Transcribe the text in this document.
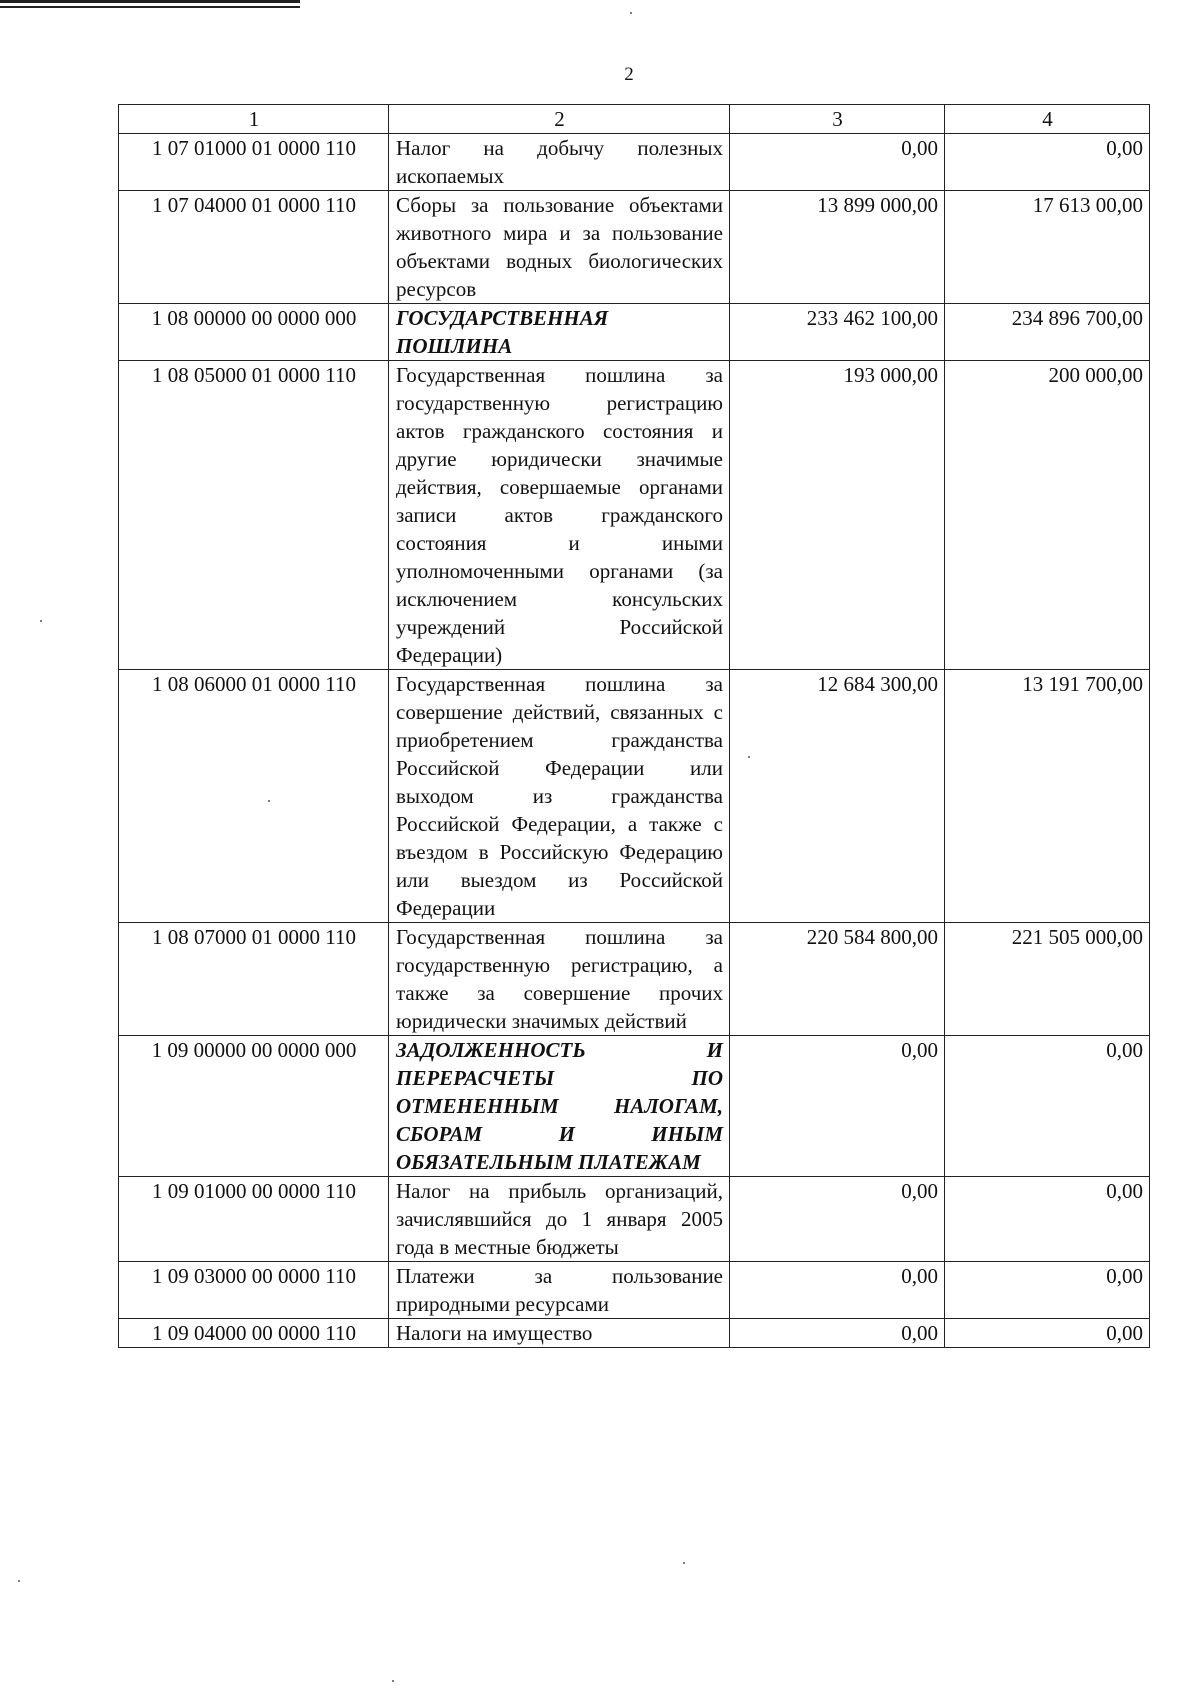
2
1	2	3	4
1 07 01000 01 0000 110	Налог на добычу полезных ископаемых	0,00	0,00
1 07 04000 01 0000 110	Сборы за пользование объектами животного мира и за пользование объектами водных биологических ресурсов	13 899 000,00	17 613 00,00
1 08 00000 00 0000 000	ГОСУДАРСТВЕННАЯ ПОШЛИНА	233 462 100,00	234 896 700,00
1 08 05000 01 0000 110	Государственная пошлина за государственную регистрацию актов гражданского состояния и другие юридически значимые действия, совершаемые органами записи актов гражданского состояния и иными уполномоченными органами (за исключением консульских учреждений Российской Федерации)	193 000,00	200 000,00
1 08 06000 01 0000 110	Государственная пошлина за совершение действий, связанных с приобретением гражданства Российской Федерации или выходом из гражданства Российской Федерации, а также с въездом в Российскую Федерацию или выездом из Российской Федерации	12 684 300,00	13 191 700,00
1 08 07000 01 0000 110	Государственная пошлина за государственную регистрацию, а также за совершение прочих юридически значимых действий	220 584 800,00	221 505 000,00
1 09 00000 00 0000 000	ЗАДОЛЖЕННОСТЬ И ПЕРЕРАСЧЕТЫ ПО ОТМЕНЕННЫМ НАЛОГАМ, СБОРАМ И ИНЫМ ОБЯЗАТЕЛЬНЫМ ПЛАТЕЖАМ	0,00	0,00
1 09 01000 00 0000 110	Налог на прибыль организаций, зачислявшийся до 1 января 2005 года в местные бюджеты	0,00	0,00
1 09 03000 00 0000 110	Платежи за пользование природными ресурсами	0,00	0,00
1 09 04000 00 0000 110	Налоги на имущество	0,00	0,00
